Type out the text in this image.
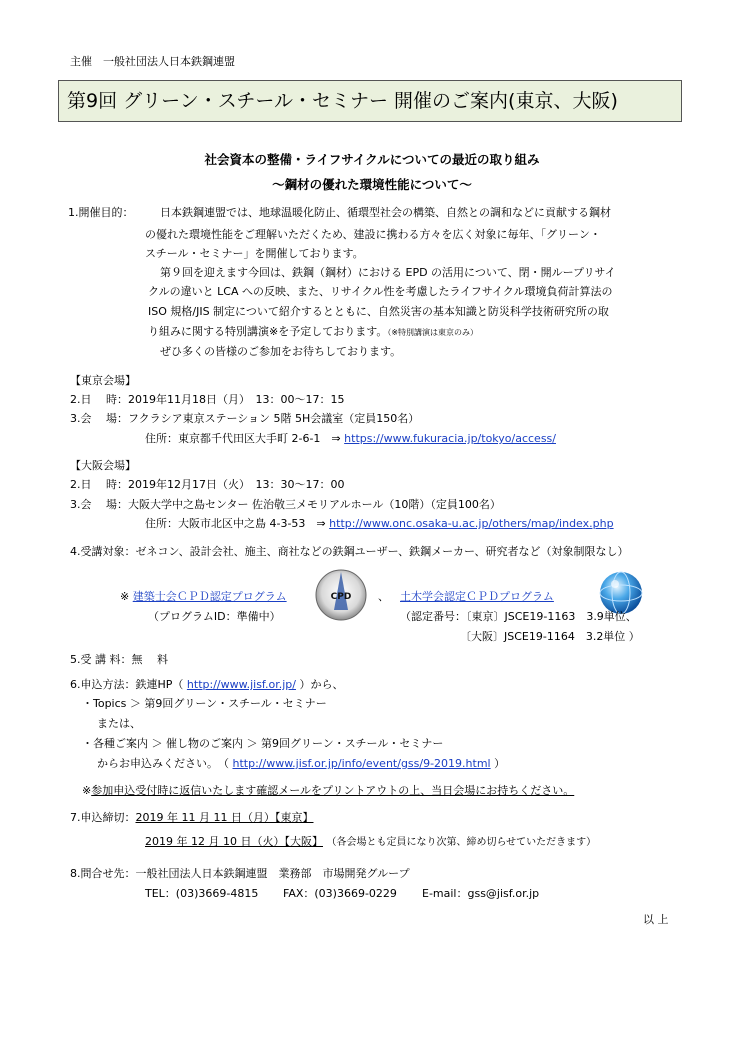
主催　一般社団法人日本鉄鋼連盟
第9回 グリーン・スチール・セミナー 開催のご案内(東京、大阪)
社会資本の整備・ライフサイクルについての最近の取り組み
～鋼材の優れた環境性能について～
1.開催目的： 日本鉄鋼連盟では、地球温暖化防止、循環型社会の構築、自然との調和などに貢献する鋼材
の優れた環境性能をご理解いただくため、建設に携わる方々を広く対象に毎年、「グリーン・
スチール・セミナー」を開催しております。
第９回を迎えます今回は、鉄鋼（鋼材）における EPD の活用について、閉・開ループリサイ
クルの違いと LCA への反映、また、リサイクル性を考慮したライフサイクル環境負荷計算法の
ISO 規格/JIS 制定について紹介するとともに、自然災害の基本知識と防災科学技術研究所の取
り組みに関する特別講演※を予定しております。（※特別講演は東京のみ）
ぜひ多くの皆様のご参加をお待ちしております。
【東京会場】
2.日　 時：2019年11月18日（月）　13：00～17：15
3.会　 場：フクラシア東京ステーション 5階 5H会議室（定員150名）
住所：東京都千代田区大手町 2-6-1　⇒ https://www.fukuracia.jp/tokyo/access/
【大阪会場】
2.日　 時：2019年12月17日（火）　13：30～17：00
3.会　 場：大阪大学中之島センター 佐治敬三メモリアルホール（10階）（定員100名）
住所：大阪市北区中之島 4-3-53　⇒ http://www.onc.osaka-u.ac.jp/others/map/index.php
4.受講対象：ゼネコン、設計会社、施主、商社などの鉄鋼ユーザー、鉄鋼メーカー、研究者など（対象制限なし）
※ 建築士会ＣＰＤ認定プログラム
（プログラムID：準備中）
CPD 、 土木学会認定ＣＰＤプログラム
（認定番号：〔東京〕JSCE19-1163　3.9単位、
〔大阪〕JSCE19-1164　3.2単位 ）
5.受 講 料：無　 料
6.申込方法：鉄連HP（ http://www.jisf.or.jp/ ）から、
・Topics ＞ 第9回グリーン・スチール・セミナー
または、
・各種ご案内 ＞ 催し物のご案内 ＞ 第9回グリーン・スチール・セミナー
からお申込みください。　（ http://www.jisf.or.jp/info/event/gss/9-2019.html ）
※参加申込受付時に返信いたします確認メールをプリントアウトの上、当日会場にお持ちください。
7.申込締切：2019 年 11 月 11 日（月）【東京】
2019 年 12 月 10 日（火）【大阪】 （各会場とも定員になり次第、締め切らせていただきます）
8.問合せ先：一般社団法人日本鉄鋼連盟　業務部　市場開発グループ
TEL：(03)3669-4815 FAX：(03)3669-0229 E-mail：gss@jisf.or.jp
以 上
